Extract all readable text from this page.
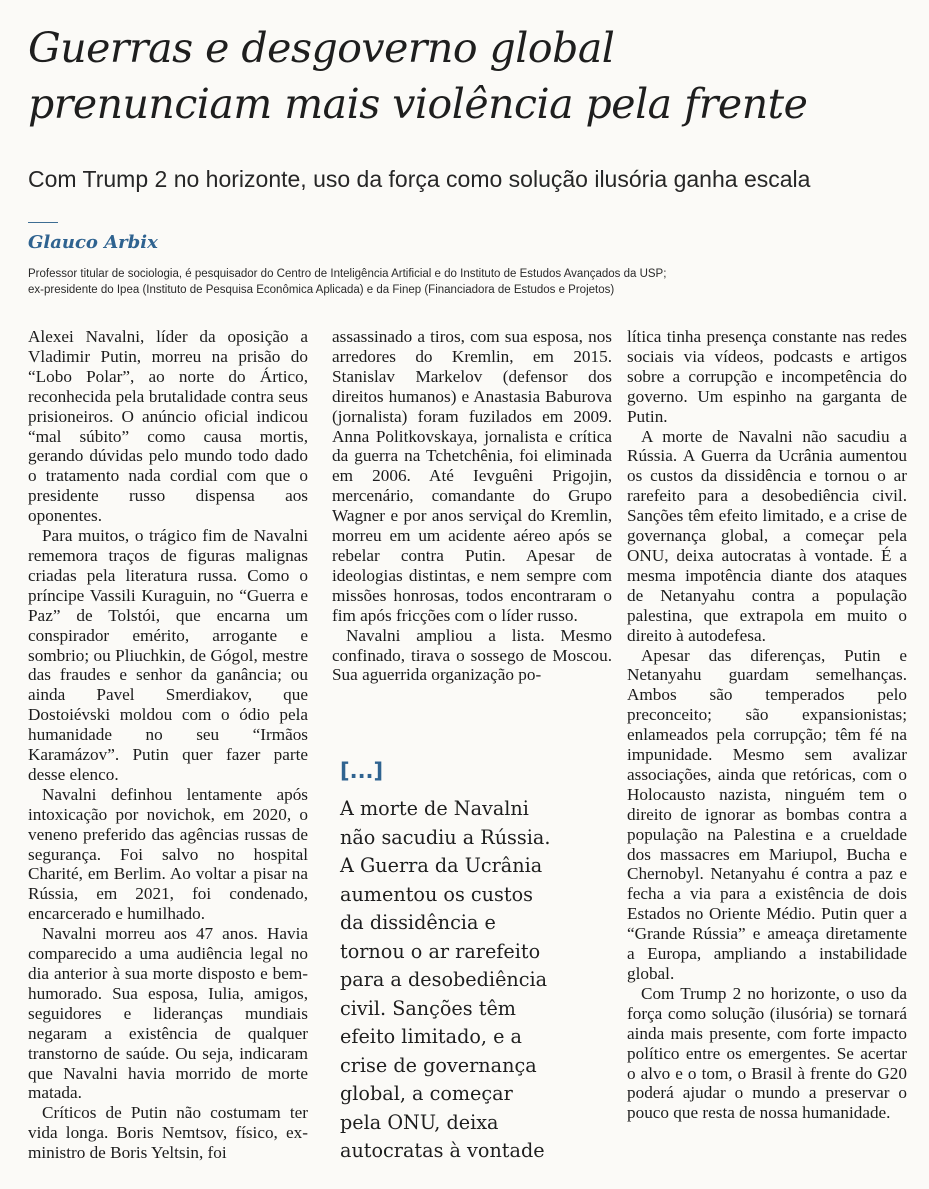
Guerras e desgoverno global
prenunciam mais violência pela frente

Com Trump 2 no horizonte, uso da força como solução ilusória ganha escala

Glauco Arbix

Professor titular de sociologia, é pesquisador do Centro de Inteligência Artificial e do Instituto de Estudos Avançados da USP;
ex-presidente do Ipea (Instituto de Pesquisa Econômica Aplicada) e da Finep (Financiadora de Estudos e Projetos)

Alexei Navalni, líder da oposição a Vladimir Putin, morreu na prisão do “Lobo Polar”, ao norte do Ártico, reconhecida pela brutalidade contra seus prisioneiros. O anúncio oficial indicou “mal súbito” como causa mortis, gerando dúvidas pelo mundo todo dado o tratamento nada cordial com que o presidente russo dispensa aos oponentes.

Para muitos, o trágico fim de Navalni rememora traços de figuras malignas criadas pela literatura russa. Como o príncipe Vassili Kuraguin, no “Guerra e Paz” de Tolstói, que encarna um conspirador emérito, arrogante e sombrio; ou Pliuchkin, de Gógol, mestre das fraudes e senhor da ganância; ou ainda Pavel Smerdiakov, que Dostoiévski moldou com o ódio pela humanidade no seu “Irmãos Karamázov”. Putin quer fazer parte desse elenco.

Navalni definhou lentamente após intoxicação por novichok, em 2020, o veneno preferido das agências russas de segurança. Foi salvo no hospital Charité, em Berlim. Ao voltar a pisar na Rússia, em 2021, foi condenado, encarcerado e humilhado.

Navalni morreu aos 47 anos. Havia comparecido a uma audiência legal no dia anterior à sua morte disposto e bem-humorado. Sua esposa, Iulia, amigos, seguidores e lideranças mundiais negaram a existência de qualquer transtorno de saúde. Ou seja, indicaram que Navalni havia morrido de morte matada.

Críticos de Putin não costumam ter vida longa. Boris Nemtsov, físico, ex-ministro de Boris Yeltsin, foi

assassinado a tiros, com sua esposa, nos arredores do Kremlin, em 2015. Stanislav Markelov (defensor dos direitos humanos) e Anastasia Baburova (jornalista) foram fuzilados em 2009. Anna Politkovskaya, jornalista e crítica da guerra na Tchetchênia, foi eliminada em 2006. Até Ievguêni Prigojin, mercenário, comandante do Grupo Wagner e por anos serviçal do Kremlin, morreu em um acidente aéreo após se rebelar contra Putin. Apesar de ideologias distintas, e nem sempre com missões honrosas, todos encontraram o fim após fricções com o líder russo.

Navalni ampliou a lista. Mesmo confinado, tirava o sossego de Moscou. Sua aguerrida organização po-

[...]

A morte de Navalni
não sacudiu a Rússia.
A Guerra da Ucrânia
aumentou os custos
da dissidência e
tornou o ar rarefeito
para a desobediência
civil. Sanções têm
efeito limitado, e a
crise de governança
global, a começar
pela ONU, deixa
autocratas à vontade

lítica tinha presença constante nas redes sociais via vídeos, podcasts e artigos sobre a corrupção e incompetência do governo. Um espinho na garganta de Putin.

A morte de Navalni não sacudiu a Rússia. A Guerra da Ucrânia aumentou os custos da dissidência e tornou o ar rarefeito para a desobediência civil. Sanções têm efeito limitado, e a crise de governança global, a começar pela ONU, deixa autocratas à vontade. É a mesma impotência diante dos ataques de Netanyahu contra a população palestina, que extrapola em muito o direito à autodefesa.

Apesar das diferenças, Putin e Netanyahu guardam semelhanças. Ambos são temperados pelo preconceito; são expansionistas; enlameados pela corrupção; têm fé na impunidade. Mesmo sem avalizar associações, ainda que retóricas, com o Holocausto nazista, ninguém tem o direito de ignorar as bombas contra a população na Palestina e a crueldade dos massacres em Mariupol, Bucha e Chernobyl. Netanyahu é contra a paz e fecha a via para a existência de dois Estados no Oriente Médio. Putin quer a “Grande Rússia” e ameaça diretamente a Europa, ampliando a instabilidade global.

Com Trump 2 no horizonte, o uso da força como solução (ilusória) se tornará ainda mais presente, com forte impacto político entre os emergentes. Se acertar o alvo e o tom, o Brasil à frente do G20 poderá ajudar o mundo a preservar o pouco que resta de nossa humanidade.
